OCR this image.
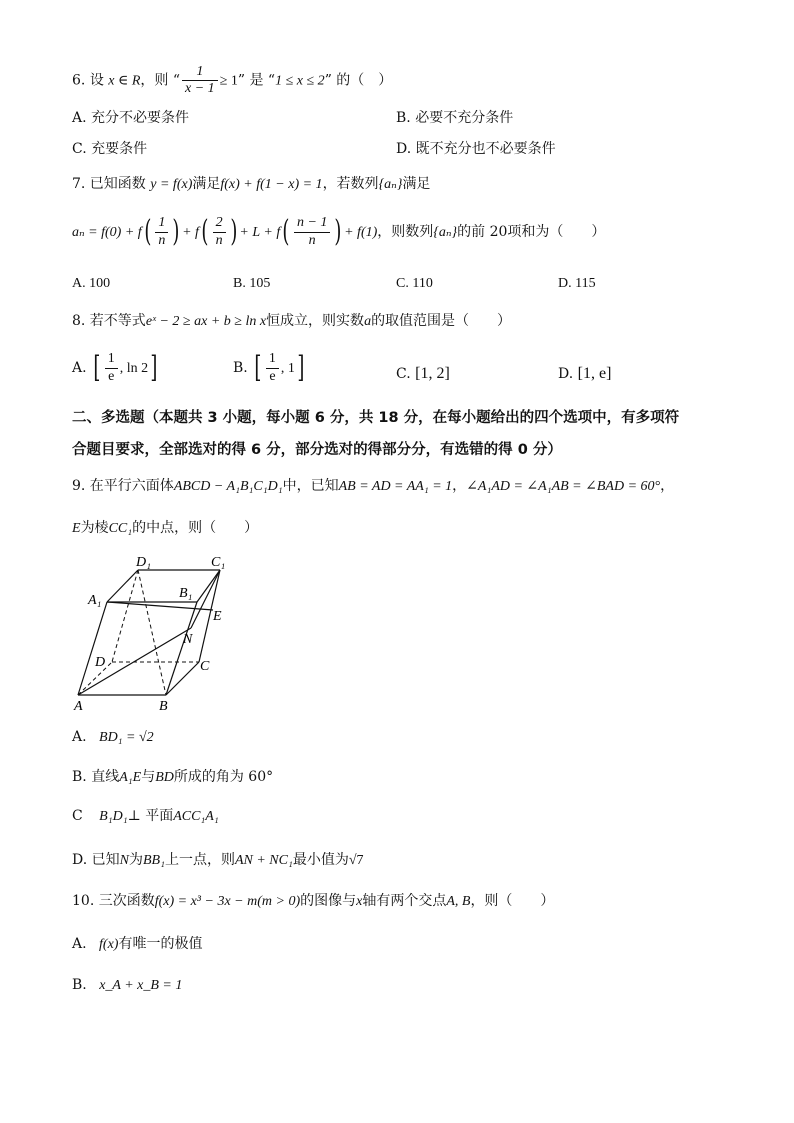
6. 设 x ∈ R，则 “ $\frac{1}{x - 1} \ge 1$” 是 “1 ≤ x ≤ 2” 的（　）
A. 充分不必要条件	B. 必要不充分条件
C. 充要条件	D. 既不充分也不必要条件
7. 已知函数 y = f(x)满足f(x) + f(1 − x) = 1，若数列{aₙ}满足
$a_n = f(0) + f( \frac{1}{n}$ ) + $f( \frac{2}{n}$ ) + $L + f( \frac{n - 1}{n}$ ) + f(1)，则数列{aₙ}的前 20项和为（　　）
A. 100	B. 105	C. 110	D. 115
8. 若不等式eˣ − 2 ≥ ax + b ≥ ln x恒成立，则实数a的取值范围是（　　）
A. [ $\frac{1}{e}$ , ln 2]	B. [ $\frac{1}{e}$ , 1]	C. [1, 2]	D. [1, e]
二、多选题（本题共 3 小题，每小题 6 分，共 18 分，在每小题给出的四个选项中，有多项符
合题目要求，全部选对的得 6 分，部分选对的得部分分，有选错的得 0 分）
9. 在平行六面体ABCD − A₁B₁C₁D₁中，已知AB = AD = AA₁ = 1，∠A₁AD = ∠A₁AB = ∠BAD = 60°，
E为棱CC₁的中点，则（　　）
D₁	C₁
A₁	B₁
E
N
D	C
A	B
A. BD₁ = √2
B. 直线A₁E与BD所成的角为 60°
C B₁D₁⊥ 平面ACC₁A₁
D. 已知N为BB₁上一点，则AN + NC₁最小值为√7
10. 三次函数f(x) = x³ − 3x − m(m > 0)的图像与x轴有两个交点A, B，则（　　）
A. f(x)有唯一的极值
B. x_A + x_B = 1
